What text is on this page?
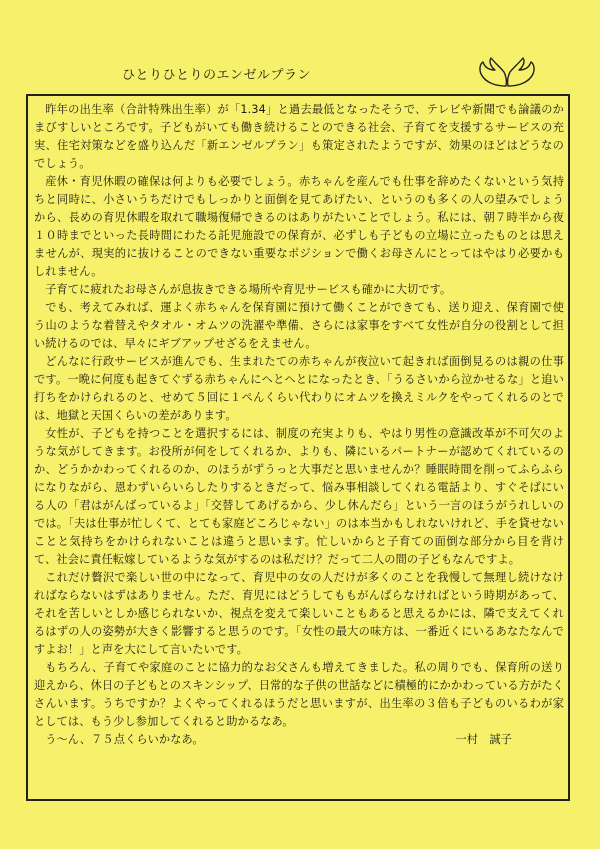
ひとりひとりのエンゼルプラン

昨年の出生率（合計特殊出生率）が「1.34」と過去最低となったそうで、テレビや新聞でも論議のかまびすしいところです。子どもがいても働き続けることのできる社会、子育てを支援するサービスの充実、住宅対策などを盛り込んだ「新エンゼルプラン」も策定されたようですが、効果のほどはどうなのでしょう。

産休・育児休暇の確保は何よりも必要でしょう。赤ちゃんを産んでも仕事を辞めたくないという気持ちと同時に、小さいうちだけでもしっかりと面倒を見てあげたい、というのも多くの人の望みでしょうから、長めの育児休暇を取れて職場復帰できるのはありがたいことでしょう。私には、朝７時半から夜１０時までといった長時間にわたる託児施設での保育が、必ずしも子どもの立場に立ったものとは思えませんが、現実的に抜けることのできない重要なポジションで働くお母さんにとってはやはり必要かもしれません。

子育てに疲れたお母さんが息抜きできる場所や育児サービスも確かに大切です。

でも、考えてみれば、運よく赤ちゃんを保育園に預けて働くことができても、送り迎え、保育園で使う山のような着替えやタオル・オムツの洗濯や準備、さらには家事をすべて女性が自分の役割として担い続けるのでは、早々にギブアップせざるをえません。

どんなに行政サービスが進んでも、生まれたての赤ちゃんが夜泣いて起きれば面倒見るのは親の仕事です。一晩に何度も起きてぐずる赤ちゃんにヘとヘとになったとき、「うるさいから泣かせるな」と追い打ちをかけられるのと、せめて５回に１ぺんくらい代わりにオムツを換えミルクをやってくれるのとでは、地獄と天国くらいの差があります。

女性が、子どもを持つことを選択するには、制度の充実よりも、やはり男性の意識改革が不可欠のような気がしてきます。お役所が何をしてくれるか、よりも、隣にいるパートナーが認めてくれているのか、どうかかわってくれるのか、のほうがずうっと大事だと思いませんか？睡眠時間を削ってふらふらになりながら、恩わずいらいらしたりするときだって、悩み事相談してくれる電話より、すぐそばにいる人の「君はがんばっているよ」「交替してあげるから、少し休んだら」という一言のほうがうれしいのでは。「夫は仕事が忙しくて、とても家庭どころじゃない」のは本当かもしれないけれど、手を貸せないことと気持ちをかけられないことは違うと思います。忙しいからと子育ての面倒な部分から目を背けて、社会に責任転嫁しているような気がするのは私だけ？だって二人の間の子どもなんですよ。

これだけ贅沢で楽しい世の中になって、育児中の女の人だけが多くのことを我慢して無理し続けなければならないはずはありません。ただ、育児にはどうしてももがんばらなければという時期があって、それを苦しいとしか感じられないか、視点を変えて楽しいこともあると思えるかには、隣で支えてくれるはずの人の姿勢が大きく影響すると思うのです。「女性の最大の味方は、一番近くにいるあなたなんですよお！」と声を大にして言いたいです。

もちろん、子育てや家庭のことに協力的なお父さんも増えてきました。私の周りでも、保育所の送り迎えから、休日の子どもとのスキンシップ、日常的な子供の世話などに積極的にかかわっている方がたくさんいます。うちですか？よくやってくれるほうだと思いますが、出生率の３倍も子どものいるわが家としては、もう少し参加してくれると助かるなあ。

う～ん、７５点くらいかなあ。	一村　誠子
